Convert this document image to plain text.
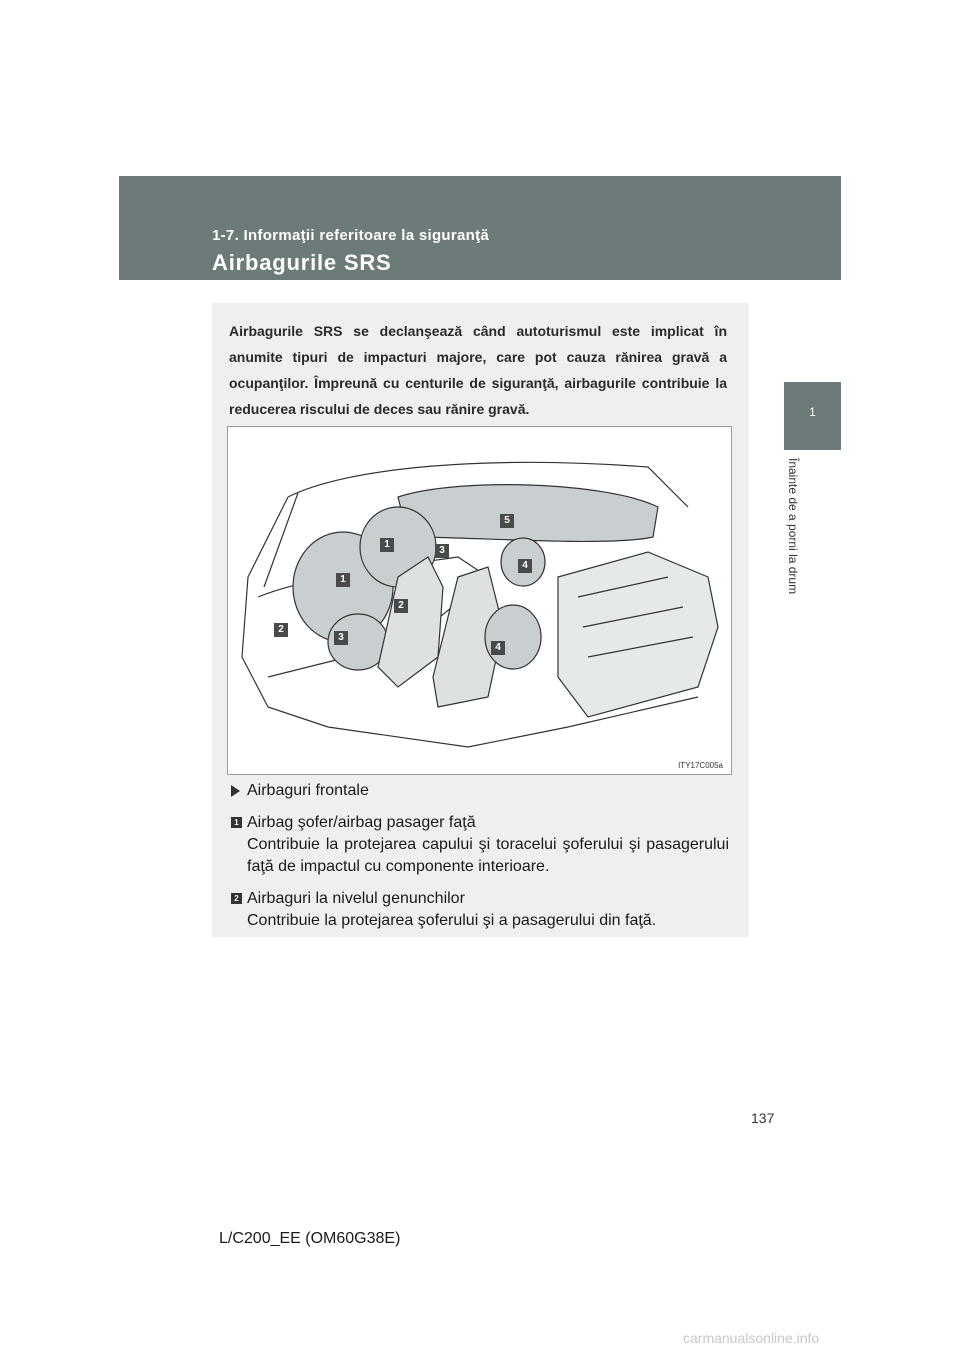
1-7. Informaţii referitoare la siguranţă
Airbagurile SRS
1
Înainte de a porni la drum
Airbagurile SRS se declanşează când autoturismul este implicat în anumite tipuri de impacturi majore, care pot cauza rănirea gravă a ocupanţilor. Împreună cu centurile de siguranţă, airbagurile contribuie la reducerea riscului de deces sau rănire gravă.
1
1
2
2
3
3
4
4
5
ITY17C005a
Airbaguri frontale
1 Airbag şofer/airbag pasager faţă
Contribuie la protejarea capului şi toracelui şoferului şi pasagerului faţă de impactul cu componente interioare.
2 Airbaguri la nivelul genunchilor
Contribuie la protejarea şoferului şi a pasagerului din faţă.
137
L/C200_EE (OM60G38E)
carmanualsonline.info
